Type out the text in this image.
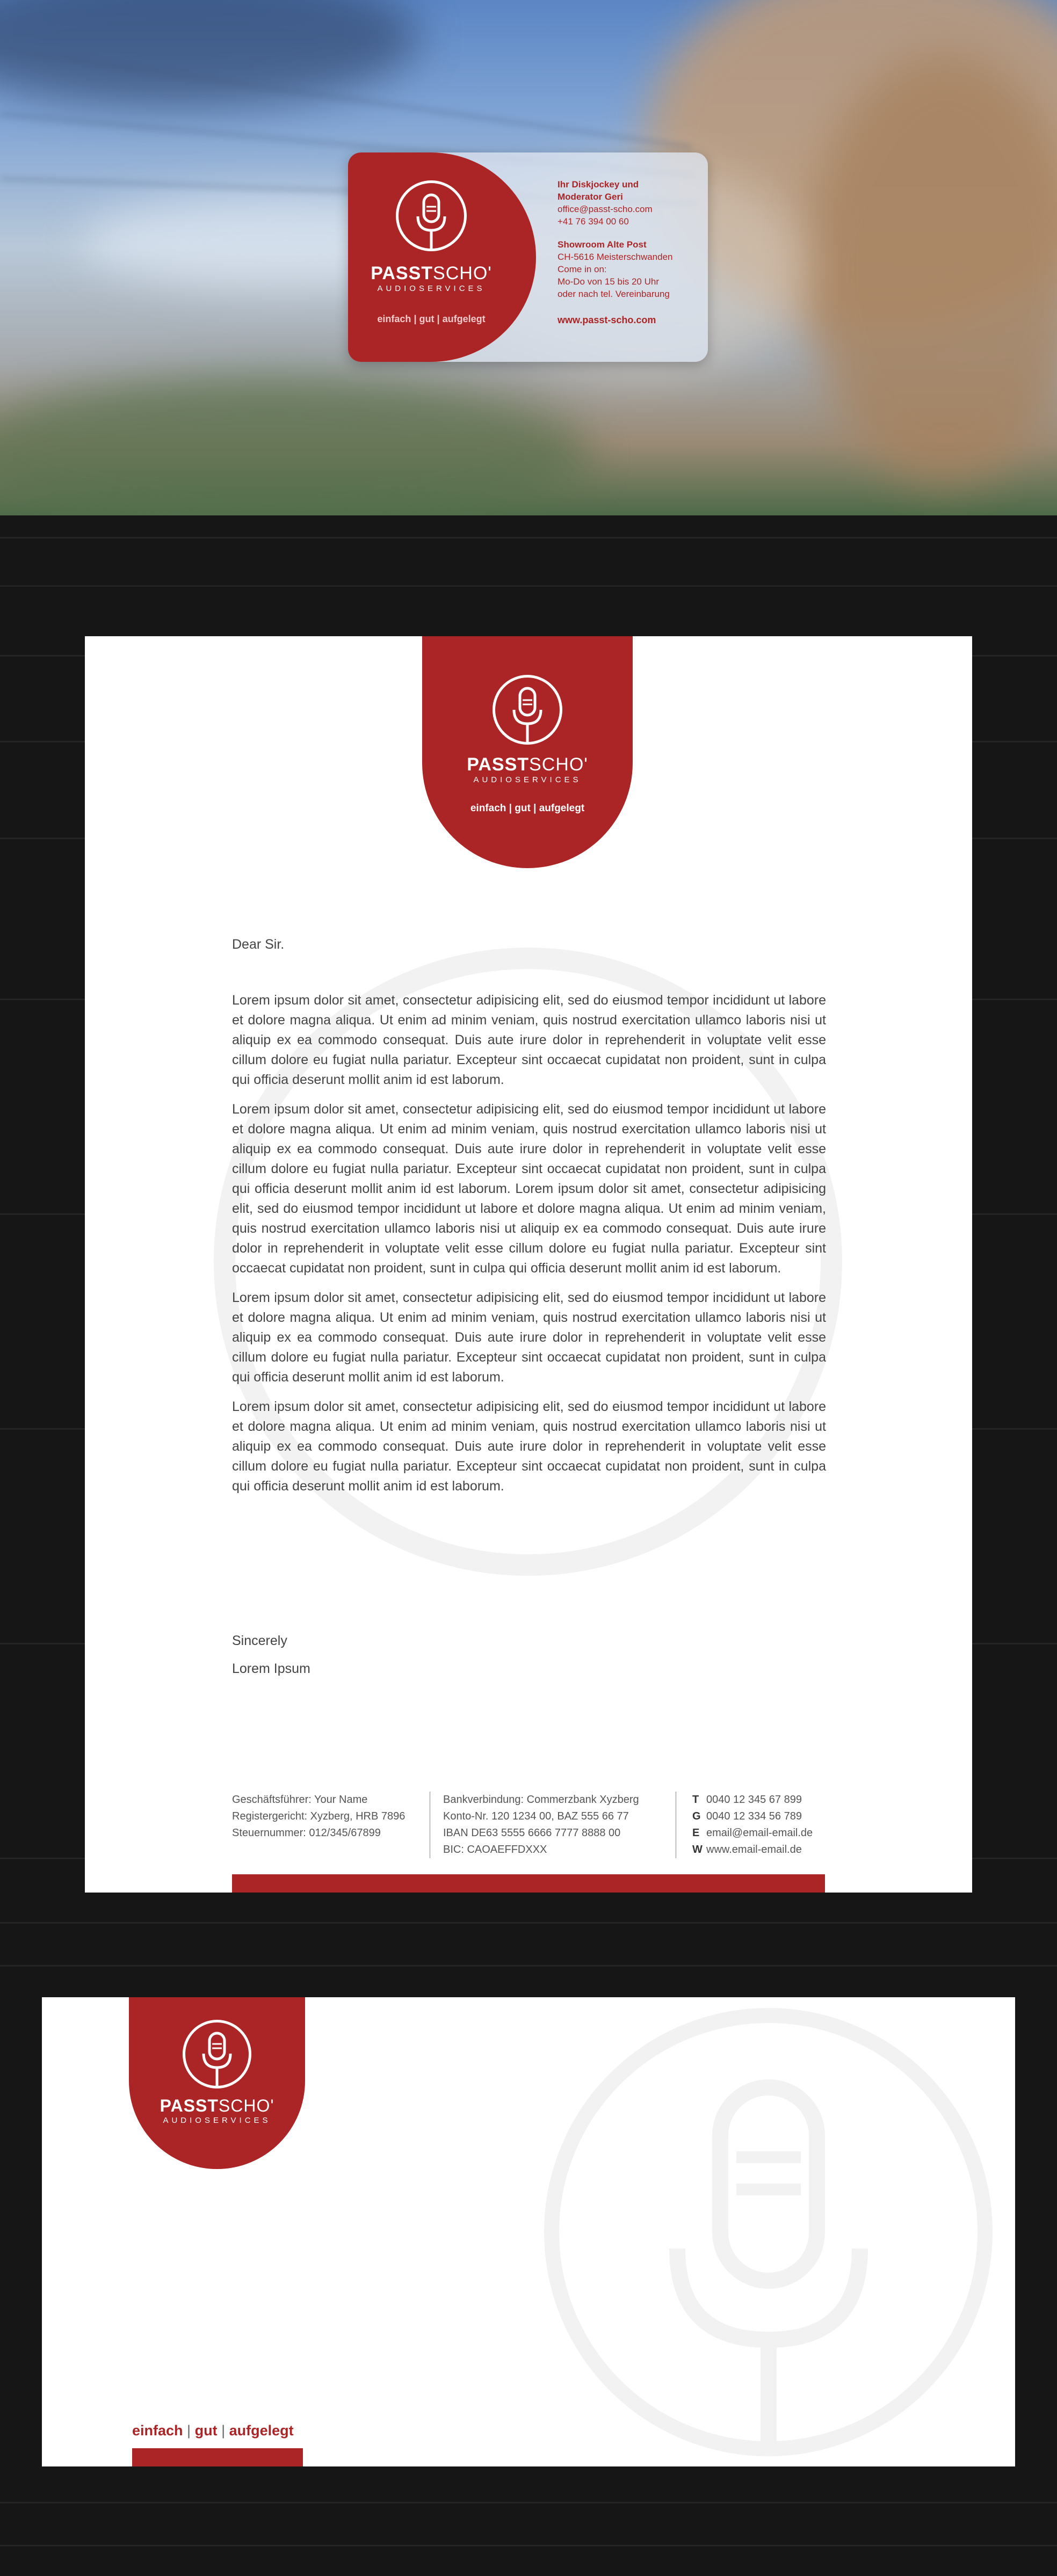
PASSTSCHO'
AUDIOSERVICES
einfach | gut | aufgelegt
Ihr Diskjockey und
Moderator Geri
office@passt-scho.com
+41 76 394 00 60
Showroom Alte Post
CH-5616 Meisterschwanden
Come in on:
Mo-Do von 15 bis 20 Uhr
oder nach tel. Vereinbarung
www.passt-scho.com
PASSTSCHO'
AUDIOSERVICES
einfach | gut | aufgelegt
Dear Sir.

Lorem ipsum dolor sit amet, consectetur adipisicing elit, sed do eiusmod tempor incididunt ut labore et dolore magna aliqua. Ut enim ad minim veniam, quis nostrud exercitation ullamco laboris nisi ut aliquip ex ea commodo consequat. Duis aute irure dolor in reprehenderit in voluptate velit esse cillum dolore eu fugiat nulla pariatur. Excepteur sint occaecat cupidatat non proident, sunt in culpa qui officia deserunt mollit anim id est laborum.

Lorem ipsum dolor sit amet, consectetur adipisicing elit, sed do eiusmod tempor incididunt ut labore et dolore magna aliqua. Ut enim ad minim veniam, quis nostrud exercitation ullamco laboris nisi ut aliquip ex ea commodo consequat. Duis aute irure dolor in reprehenderit in voluptate velit esse cillum dolore eu fugiat nulla pariatur. Excepteur sint occaecat cupidatat non proident, sunt in culpa qui officia deserunt mollit anim id est laborum. Lorem ipsum dolor sit amet, consectetur adipisicing elit, sed do eiusmod tempor incididunt ut labore et dolore magna aliqua. Ut enim ad minim veniam, quis nostrud exercitation ullamco laboris nisi ut aliquip ex ea commodo consequat. Duis aute irure dolor in reprehenderit in voluptate velit esse cillum dolore eu fugiat nulla pariatur. Excepteur sint occaecat cupidatat non proident, sunt in culpa qui officia deserunt mollit anim id est laborum.

Lorem ipsum dolor sit amet, consectetur adipisicing elit, sed do eiusmod tempor incididunt ut labore et dolore magna aliqua. Ut enim ad minim veniam, quis nostrud exercitation ullamco laboris nisi ut aliquip ex ea commodo consequat. Duis aute irure dolor in reprehenderit in voluptate velit esse cillum dolore eu fugiat nulla pariatur. Excepteur sint occaecat cupidatat non proident, sunt in culpa qui officia deserunt mollit anim id est laborum.

Lorem ipsum dolor sit amet, consectetur adipisicing elit, sed do eiusmod tempor incididunt ut labore et dolore magna aliqua. Ut enim ad minim veniam, quis nostrud exercitation ullamco laboris nisi ut aliquip ex ea commodo consequat. Duis aute irure dolor in reprehenderit in voluptate velit esse cillum dolore eu fugiat nulla pariatur. Excepteur sint occaecat cupidatat non proident, sunt in culpa qui officia deserunt mollit anim id est laborum.

Sincerely
Lorem Ipsum
Geschäftsführer: Your Name
Registergericht: Xyzberg, HRB 7896
Steuernummer: 012/345/67899
Bankverbindung: Commerzbank Xyzberg
Konto-Nr. 120 1234 00, BAZ 555 66 77
IBAN DE63 5555 6666 7777 8888 00
BIC: CAOAEFFDXXX
T 0040 12 345 67 899
G 0040 12 334 56 789
E email@email-email.de
W www.email-email.de
PASSTSCHO'
AUDIOSERVICES
einfach | gut | aufgelegt
